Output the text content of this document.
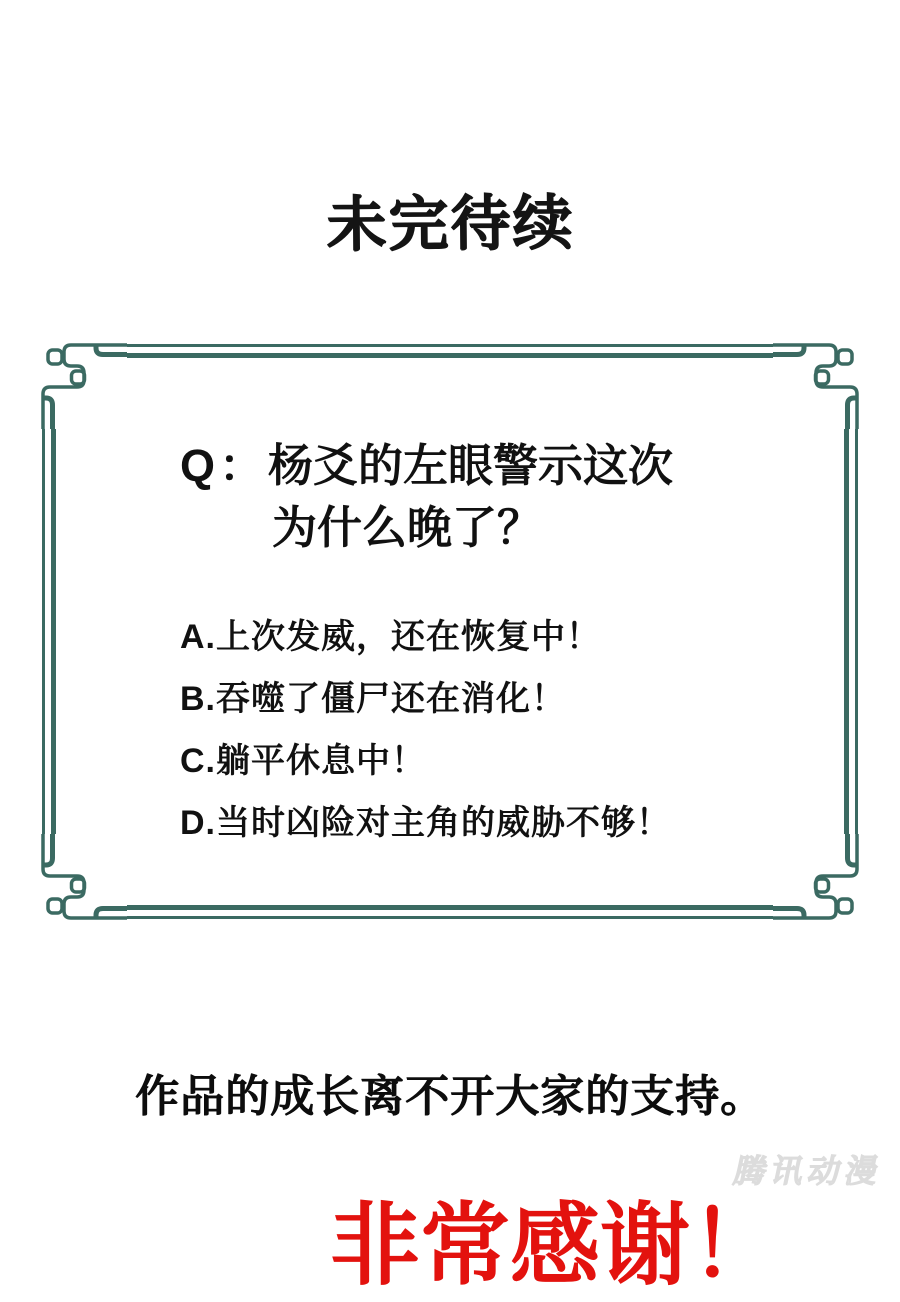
未完待续
Q： 杨爻的左眼警示这次
为什么晚了？
A.上次发威，还在恢复中！
B.吞噬了僵尸还在消化！
C.躺平休息中！
D.当时凶险对主角的威胁不够！
作品的成长离不开大家的支持。
非常感谢！
腾讯动漫
